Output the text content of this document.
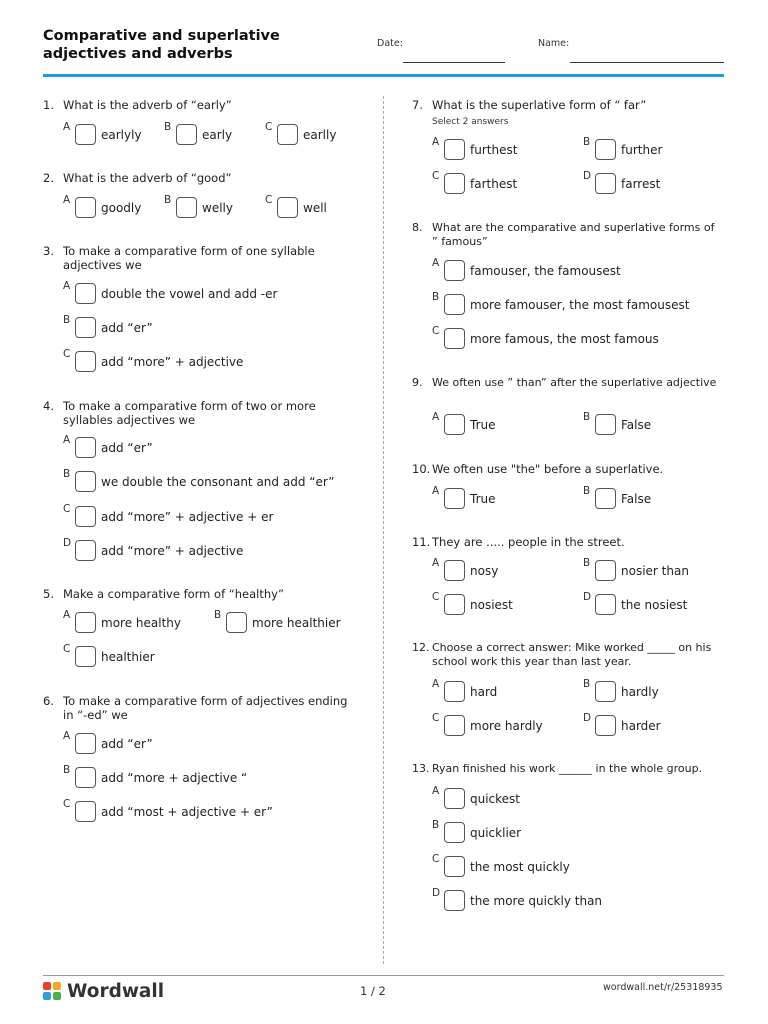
Comparative and superlative adjectives and adverbs
Date:	Name:
1. What is the adverb of “early”
A
earlyly
B
early
C
earlly
2. What is the adverb of “good”
A
goodly
B
welly
C
well
3. To make a comparative form of one syllable
adjectives we
A
double the vowel and add -er
B
add “er”
C
add “more” + adjective
4. To make a comparative form of two or more
syllables adjectives we
A
add “er”
B
we double the consonant and add “er”
C
add “more” + adjective + er
D
add “more” + adjective
5. Make a comparative form of “healthy”
A
more healthy
B
more healthier
C
healthier
6. To make a comparative form of adjectives ending
in “-ed” we
A
add “er”
B
add “more + adjective “
C
add “most + adjective + er”
7. What is the superlative form of “ far”
Select 2 answers
A
furthest
B
further
C
farthest
D
farrest
8. What are the comparative and superlative forms of
” famous”
A
famouser, the famousest
B
more famouser, the most famousest
C
more famous, the most famous
9. We often use ” than” after the superlative adjective
A
True
B
False
10. We often use "the" before a superlative.
A
True
B
False
11. They are ..... people in the street.
A
nosy
B
nosier than
C
nosiest
D
the nosiest
12. Choose a correct answer: Mike worked _____ on his
school work this year than last year.
A
hard
B
hardly
C
more hardly
D
harder
13. Ryan finished his work ______ in the whole group.
A
quickest
B
quicklier
C
the most quickly
D
the more quickly than
Wordwall	1 / 2	wordwall.net/r/25318935
